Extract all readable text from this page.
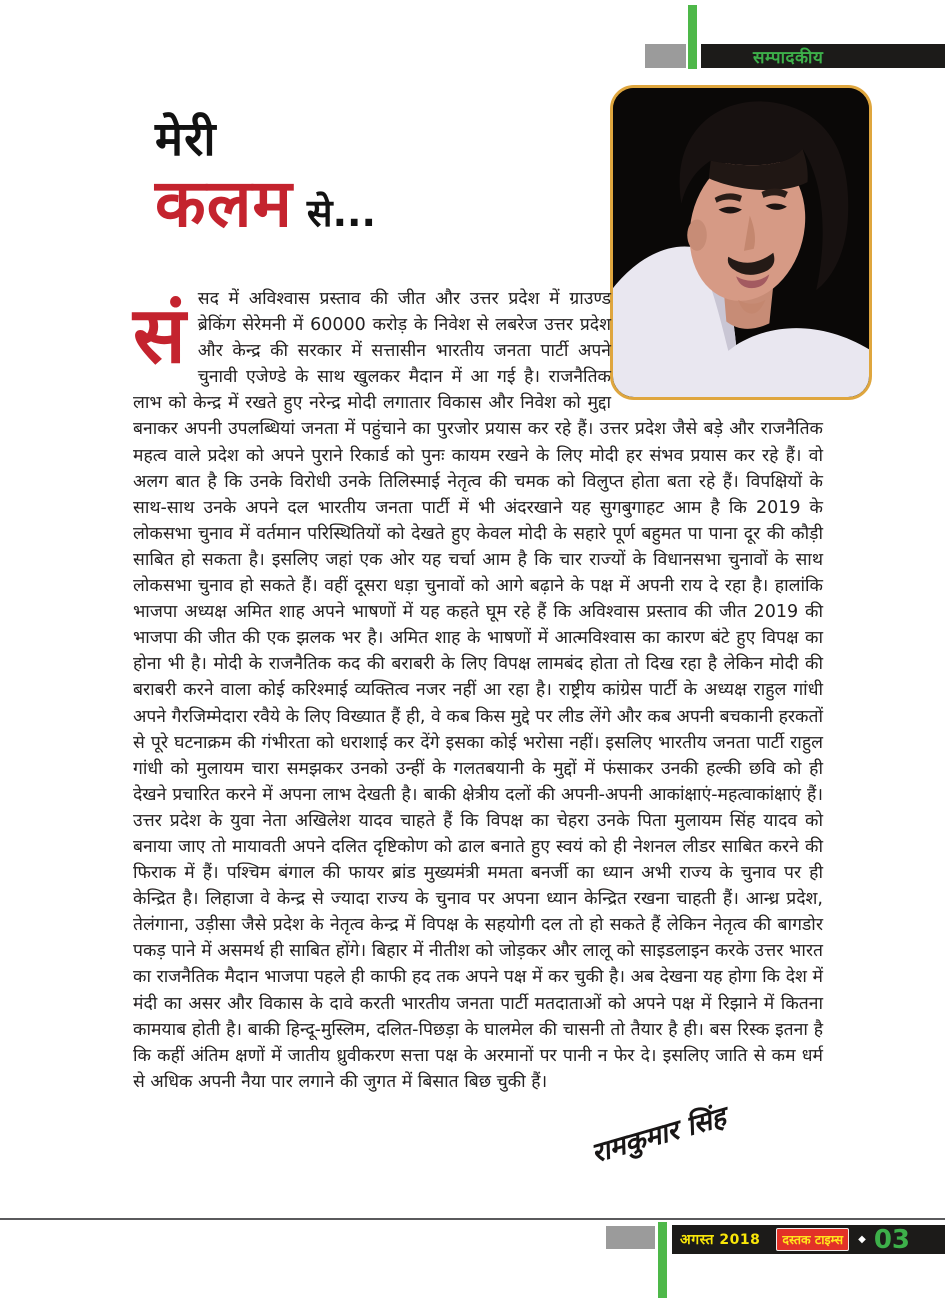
सम्पादकीय
मेरी
कलम से...
संसद में अविश्वास प्रस्ताव की जीत और उत्तर प्रदेश में ग्राउण्ड ब्रेकिंग सेरेमनी में 60000 करोड़ के निवेश से लबरेज उत्तर प्रदेश और केन्द्र की सरकार में सत्तासीन भारतीय जनता पार्टी अपने चुनावी एजेण्डे के साथ खुलकर मैदान में आ गई है। राजनैतिक लाभ को केन्द्र में रखते हुए नरेन्द्र मोदी लगातार विकास और निवेश को मुद्दा बनाकर अपनी उपलब्धियां जनता में पहुंचाने का पुरजोर प्रयास कर रहे हैं। उत्तर प्रदेश जैसे बड़े और राजनैतिक महत्व वाले प्रदेश को अपने पुराने रिकार्ड को पुनः कायम रखने के लिए मोदी हर संभव प्रयास कर रहे हैं। वो अलग बात है कि उनके विरोधी उनके तिलिस्माई नेतृत्व की चमक को विलुप्त होता बता रहे हैं। विपक्षियों के साथ-साथ उनके अपने दल भारतीय जनता पार्टी में भी अंदरखाने यह सुगबुगाहट आम है कि 2019 के लोकसभा चुनाव में वर्तमान परिस्थितियों को देखते हुए केवल मोदी के सहारे पूर्ण बहुमत पा पाना दूर की कौड़ी साबित हो सकता है। इसलिए जहां एक ओर यह चर्चा आम है कि चार राज्यों के विधानसभा चुनावों के साथ लोकसभा चुनाव हो सकते हैं। वहीं दूसरा धड़ा चुनावों को आगे बढ़ाने के पक्ष में अपनी राय दे रहा है। हालांकि भाजपा अध्यक्ष अमित शाह अपने भाषणों में यह कहते घूम रहे हैं कि अविश्वास प्रस्ताव की जीत 2019 की भाजपा की जीत की एक झलक भर है। अमित शाह के भाषणों में आत्मविश्वास का कारण बंटे हुए विपक्ष का होना भी है। मोदी के राजनैतिक कद की बराबरी के लिए विपक्ष लामबंद होता तो दिख रहा है लेकिन मोदी की बराबरी करने वाला कोई करिश्माई व्यक्तित्व नजर नहीं आ रहा है। राष्ट्रीय कांग्रेस पार्टी के अध्यक्ष राहुल गांधी अपने गैरजिम्मेदारा रवैये के लिए विख्यात हैं ही, वे कब किस मुद्दे पर लीड लेंगे और कब अपनी बचकानी हरकतों से पूरे घटनाक्रम की गंभीरता को धराशाई कर देंगे इसका कोई भरोसा नहीं। इसलिए भारतीय जनता पार्टी राहुल गांधी को मुलायम चारा समझकर उनको उन्हीं के गलतबयानी के मुद्दों में फंसाकर उनकी हल्की छवि को ही देखने प्रचारित करने में अपना लाभ देखती है। बाकी क्षेत्रीय दलों की अपनी-अपनी आकांक्षाएं-महत्वाकांक्षाएं हैं। उत्तर प्रदेश के युवा नेता अखिलेश यादव चाहते हैं कि विपक्ष का चेहरा उनके पिता मुलायम सिंह यादव को बनाया जाए तो मायावती अपने दलित दृष्टिकोण को ढाल बनाते हुए स्वयं को ही नेशनल लीडर साबित करने की फिराक में हैं। पश्चिम बंगाल की फायर ब्रांड मुख्यमंत्री ममता बनर्जी का ध्यान अभी राज्य के चुनाव पर ही केन्द्रित है। लिहाजा वे केन्द्र से ज्यादा राज्य के चुनाव पर अपना ध्यान केन्द्रित रखना चाहती हैं। आन्ध्र प्रदेश, तेलंगाना, उड़ीसा जैसे प्रदेश के नेतृत्व केन्द्र में विपक्ष के सहयोगी दल तो हो सकते हैं लेकिन नेतृत्व की बागडोर पकड़ पाने में असमर्थ ही साबित होंगे। बिहार में नीतीश को जोड़कर और लालू को साइडलाइन करके उत्तर भारत का राजनैतिक मैदान भाजपा पहले ही काफी हद तक अपने पक्ष में कर चुकी है। अब देखना यह होगा कि देश में मंदी का असर और विकास के दावे करती भारतीय जनता पार्टी मतदाताओं को अपने पक्ष में रिझाने में कितना कामयाब होती है। बाकी हिन्दू-मुस्लिम, दलित-पिछड़ा के घालमेल की चासनी तो तैयार है ही। बस रिस्क इतना है कि कहीं अंतिम क्षणों में जातीय ध्रुवीकरण सत्ता पक्ष के अरमानों पर पानी न फेर दे। इसलिए जाति से कम धर्म से अधिक अपनी नैया पार लगाने की जुगत में बिसात बिछ चुकी हैं।
रामकुमार सिंह
अगस्त 2018	दस्तक टाइम्स	◆ 03
